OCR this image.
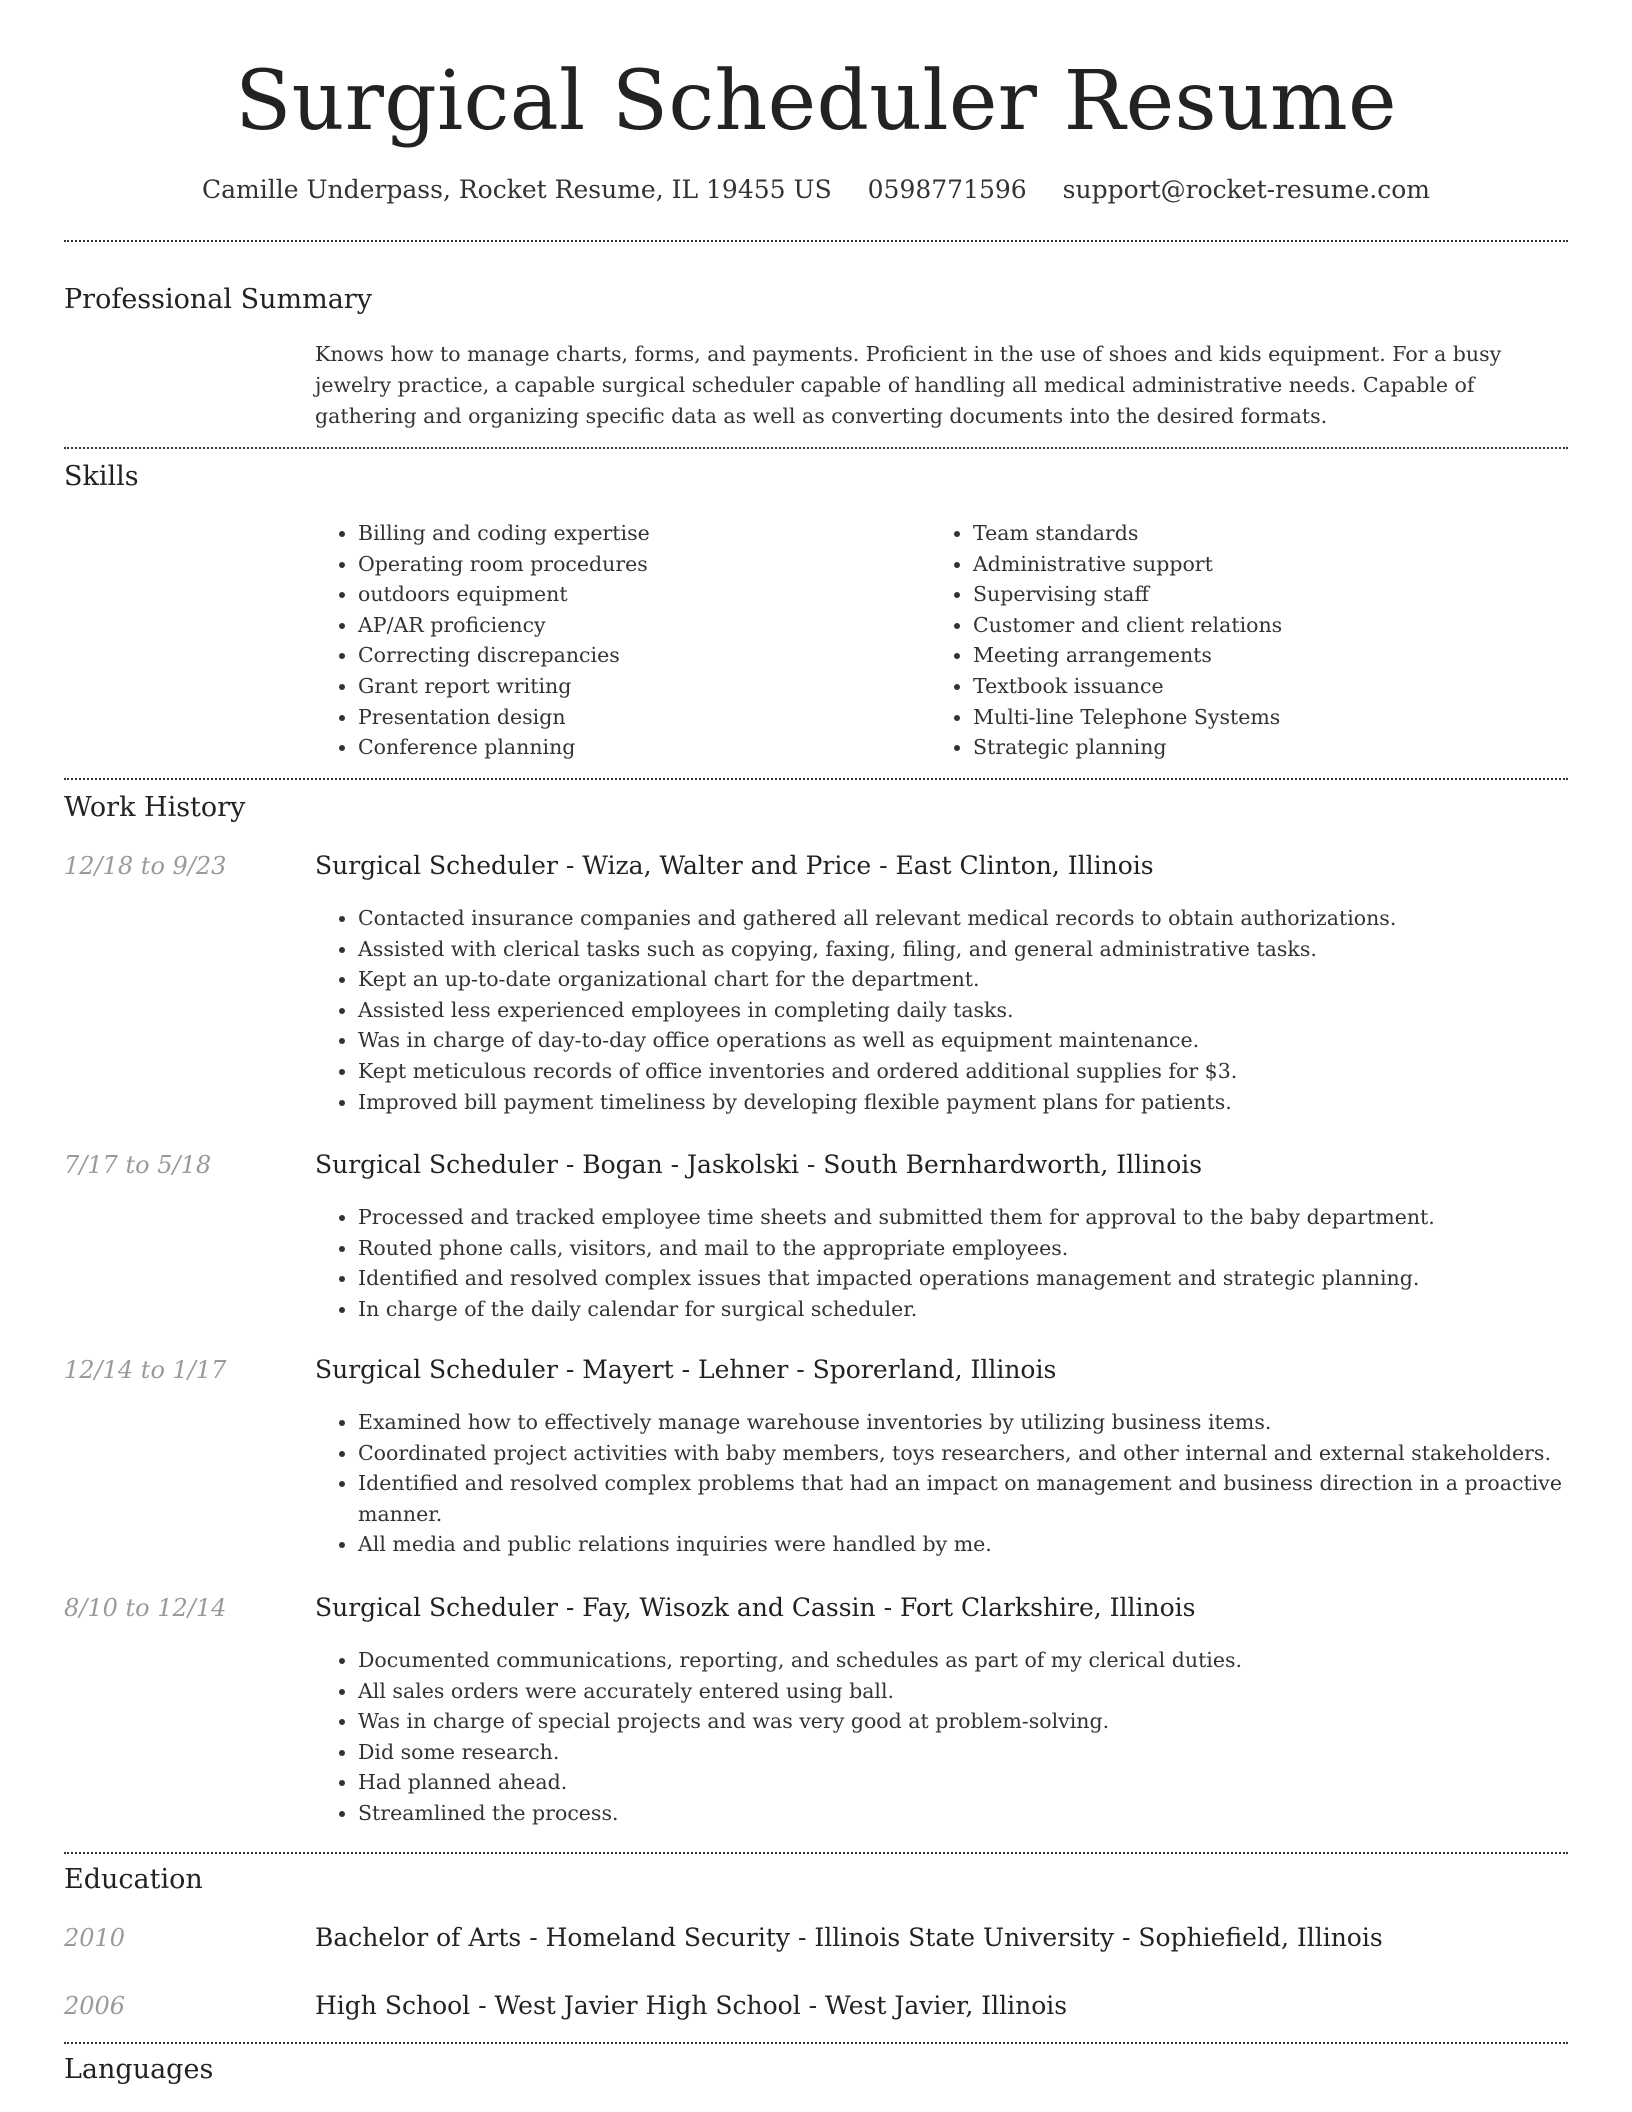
Surgical Scheduler Resume
Camille Underpass, Rocket Resume, IL 19455 US 0598771596 support@rocket-resume.com
Professional Summary
Knows how to manage charts, forms, and payments. Proficient in the use of shoes and kids equipment. For a busy jewelry practice, a capable surgical scheduler capable of handling all medical administrative needs. Capable of gathering and organizing specific data as well as converting documents into the desired formats.
Skills
• Billing and coding expertise
• Operating room procedures
• outdoors equipment
• AP/AR proficiency
• Correcting discrepancies
• Grant report writing
• Presentation design
• Conference planning
• Team standards
• Administrative support
• Supervising staff
• Customer and client relations
• Meeting arrangements
• Textbook issuance
• Multi-line Telephone Systems
• Strategic planning
Work History
12/18 to 9/23	Surgical Scheduler - Wiza, Walter and Price - East Clinton, Illinois
• Contacted insurance companies and gathered all relevant medical records to obtain authorizations.
• Assisted with clerical tasks such as copying, faxing, filing, and general administrative tasks.
• Kept an up-to-date organizational chart for the department.
• Assisted less experienced employees in completing daily tasks.
• Was in charge of day-to-day office operations as well as equipment maintenance.
• Kept meticulous records of office inventories and ordered additional supplies for $3.
• Improved bill payment timeliness by developing flexible payment plans for patients.
7/17 to 5/18	Surgical Scheduler - Bogan - Jaskolski - South Bernhardworth, Illinois
• Processed and tracked employee time sheets and submitted them for approval to the baby department.
• Routed phone calls, visitors, and mail to the appropriate employees.
• Identified and resolved complex issues that impacted operations management and strategic planning.
• In charge of the daily calendar for surgical scheduler.
12/14 to 1/17	Surgical Scheduler - Mayert - Lehner - Sporerland, Illinois
• Examined how to effectively manage warehouse inventories by utilizing business items.
• Coordinated project activities with baby members, toys researchers, and other internal and external stakeholders.
• Identified and resolved complex problems that had an impact on management and business direction in a proactive manner.
• All media and public relations inquiries were handled by me.
8/10 to 12/14	Surgical Scheduler - Fay, Wisozk and Cassin - Fort Clarkshire, Illinois
• Documented communications, reporting, and schedules as part of my clerical duties.
• All sales orders were accurately entered using ball.
• Was in charge of special projects and was very good at problem-solving.
• Did some research.
• Had planned ahead.
• Streamlined the process.
Education
2010	Bachelor of Arts - Homeland Security - Illinois State University - Sophiefield, Illinois
2006	High School - West Javier High School - West Javier, Illinois
Languages
